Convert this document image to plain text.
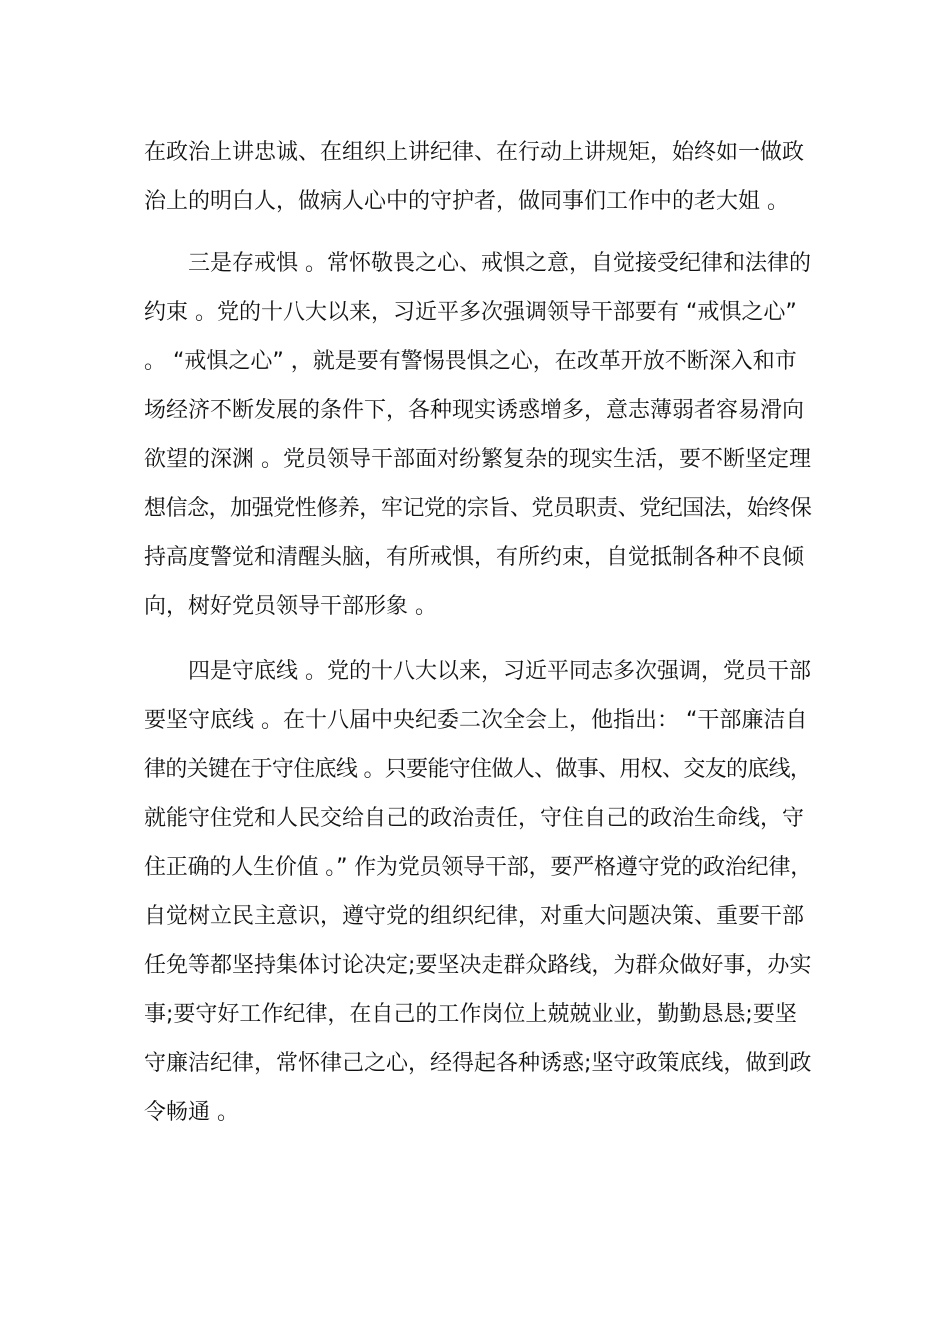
在政治上讲忠诚、在组织上讲纪律、在行动上讲规矩，始终如一做政
治上的明白人，做病人心中的守护者，做同事们工作中的老大姐 。
三是存戒惧 。常怀敬畏之心、戒惧之意，自觉接受纪律和法律的
约束 。党的十八大以来，习近平多次强调领导干部要有 “戒惧之心”
。 “戒惧之心” ，就是要有警惕畏惧之心，在改革开放不断深入和市
场经济不断发展的条件下，各种现实诱惑增多，意志薄弱者容易滑向
欲望的深渊 。党员领导干部面对纷繁复杂的现实生活，要不断坚定理
想信念，加强党性修养，牢记党的宗旨、党员职责、党纪国法，始终保
持高度警觉和清醒头脑，有所戒惧，有所约束，自觉抵制各种不良倾
向，树好党员领导干部形象 。
四是守底线 。党的十八大以来，习近平同志多次强调，党员干部
要坚守底线 。在十八届中央纪委二次全会上，他指出： “干部廉洁自
律的关键在于守住底线 。只要能守住做人、做事、用权、交友的底线，
就能守住党和人民交给自己的政治责任，守住自己的政治生命线，守
住正确的人生价值 。” 作为党员领导干部，要严格遵守党的政治纪律，
自觉树立民主意识，遵守党的组织纪律，对重大问题决策、重要干部
任免等都坚持集体讨论决定;要坚决走群众路线，为群众做好事，办实
事;要守好工作纪律，在自己的工作岗位上兢兢业业，勤勤恳恳;要坚
守廉洁纪律，常怀律己之心，经得起各种诱惑;坚守政策底线，做到政
令畅通 。
